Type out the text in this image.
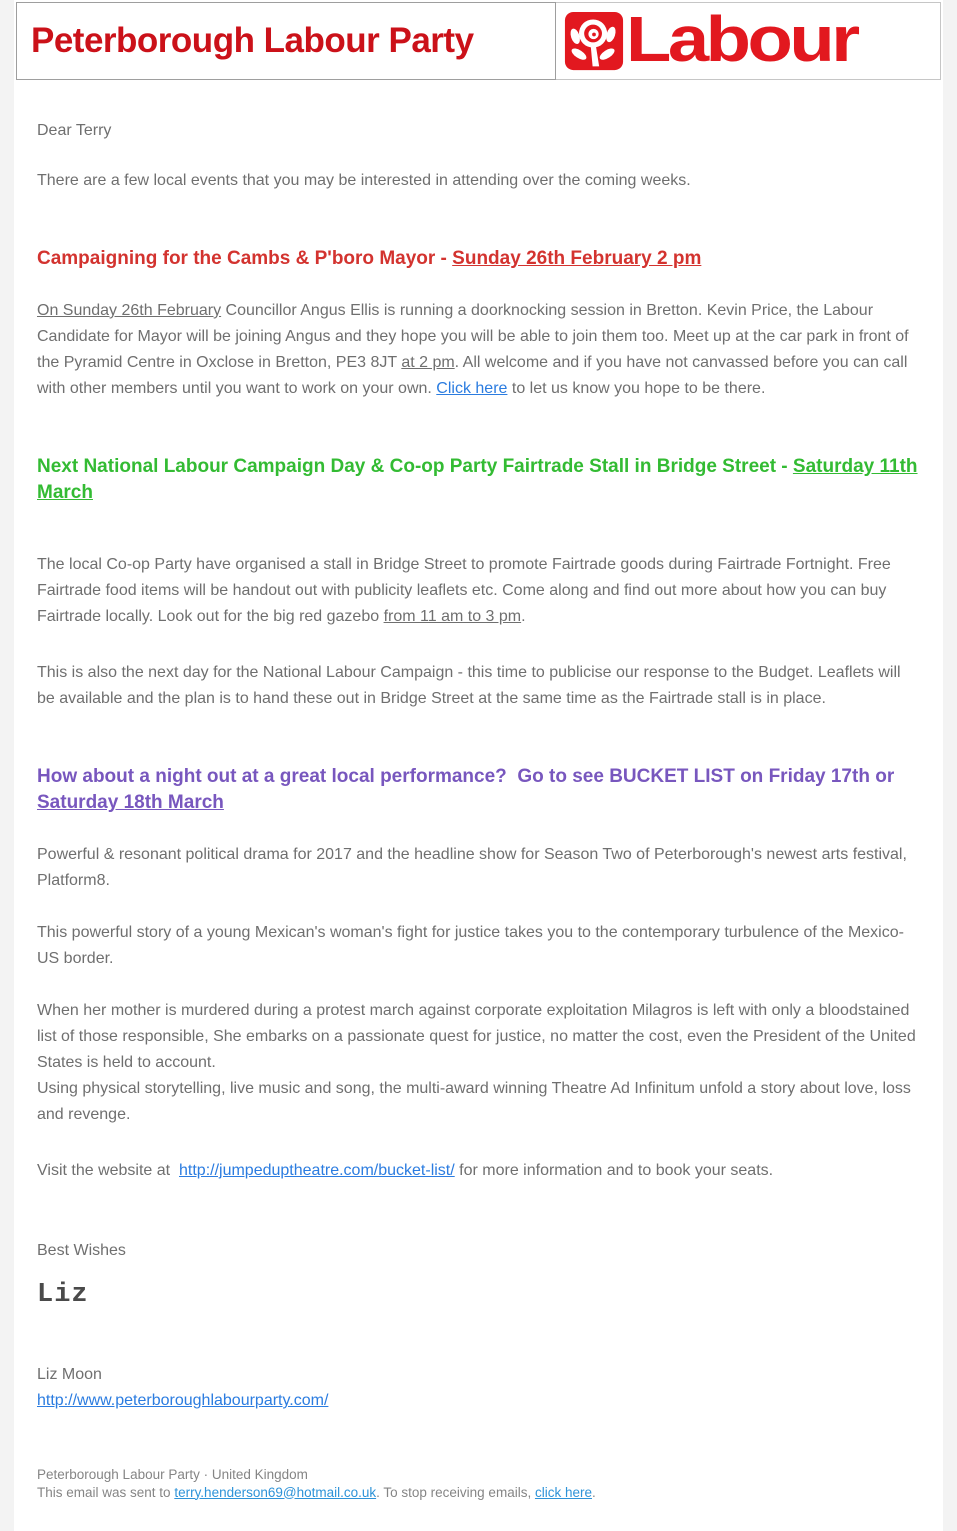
Peterborough Labour Party Labour

Dear Terry

There are a few local events that you may be interested in attending over the coming weeks.

Campaigning for the Cambs & P'boro Mayor - Sunday 26th February 2 pm

On Sunday 26th February Councillor Angus Ellis is running a doorknocking session in Bretton. Kevin Price, the Labour Candidate for Mayor will be joining Angus and they hope you will be able to join them too. Meet up at the car park in front of the Pyramid Centre in Oxclose in Bretton, PE3 8JT at 2 pm. All welcome and if you have not canvassed before you can call with other members until you want to work on your own. Click here to let us know you hope to be there.

Next National Labour Campaign Day & Co-op Party Fairtrade Stall in Bridge Street - Saturday 11th March

The local Co-op Party have organised a stall in Bridge Street to promote Fairtrade goods during Fairtrade Fortnight. Free Fairtrade food items will be handout out with publicity leaflets etc. Come along and find out more about how you can buy Fairtrade locally. Look out for the big red gazebo from 11 am to 3 pm.

This is also the next day for the National Labour Campaign - this time to publicise our response to the Budget. Leaflets will be available and the plan is to hand these out in Bridge Street at the same time as the Fairtrade stall is in place.

How about a night out at a great local performance?  Go to see BUCKET LIST on Friday 17th or Saturday 18th March

Powerful & resonant political drama for 2017 and the headline show for Season Two of Peterborough's newest arts festival, Platform8.

This powerful story of a young Mexican's woman's fight for justice takes you to the contemporary turbulence of the Mexico-US border.

When her mother is murdered during a protest march against corporate exploitation Milagros is left with only a bloodstained list of those responsible, She embarks on a passionate quest for justice, no matter the cost, even the President of the United States is held to account.
Using physical storytelling, live music and song, the multi-award winning Theatre Ad Infinitum unfold a story about love, loss and revenge.

Visit the website at  http://jumpeduptheatre.com/bucket-list/ for more information and to book your seats.

Best Wishes

Liz

Liz Moon

http://www.peterboroughlabourparty.com/

Peterborough Labour Party · United Kingdom
This email was sent to terry.henderson69@hotmail.co.uk. To stop receiving emails, click here.
